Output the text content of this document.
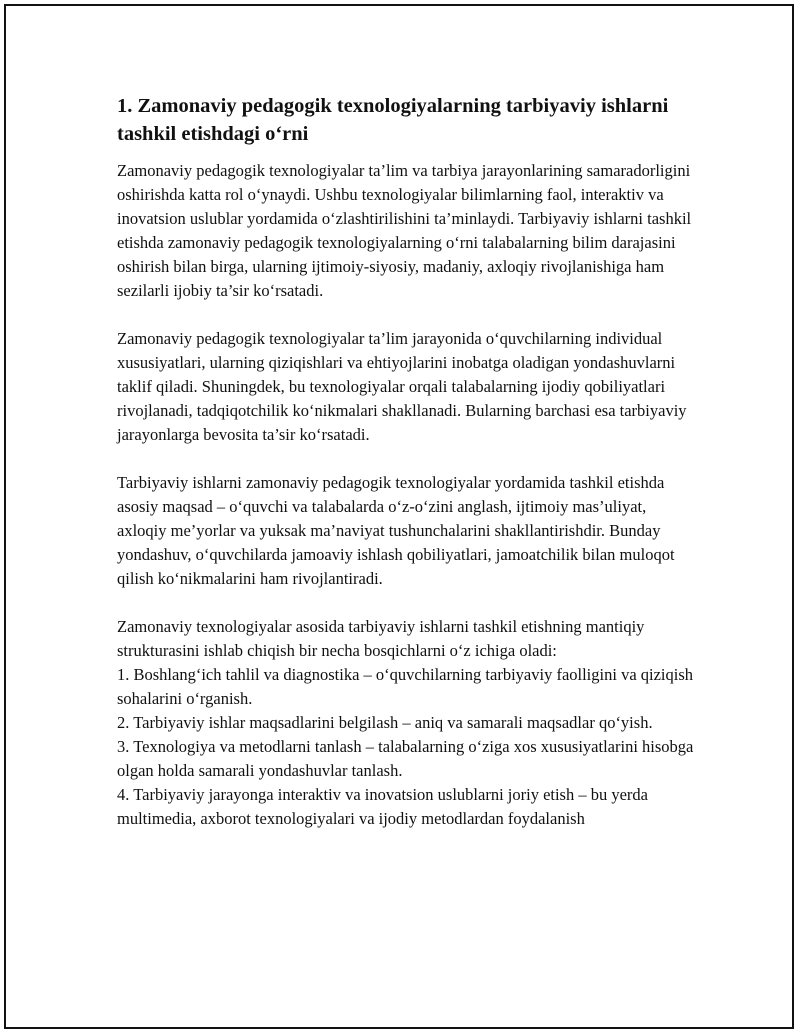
1. Zamonaviy pedagogik texnologiyalarning tarbiyaviy ishlarni tashkil etishdagi oʻrni

Zamonaviy pedagogik texnologiyalar ta’lim va tarbiya jarayonlarining samaradorligini oshirishda katta rol oʻynaydi. Ushbu texnologiyalar bilimlarning faol, interaktiv va inovatsion uslublar yordamida oʻzlashtirilishini ta’minlaydi. Tarbiyaviy ishlarni tashkil etishda zamonaviy pedagogik texnologiyalarning oʻrni talabalarning bilim darajasini oshirish bilan birga, ularning ijtimoiy-siyosiy, madaniy, axloqiy rivojlanishiga ham sezilarli ijobiy ta’sir koʻrsatadi.

Zamonaviy pedagogik texnologiyalar ta’lim jarayonida oʻquvchilarning individual xususiyatlari, ularning qiziqishlari va ehtiyojlarini inobatga oladigan yondashuvlarni taklif qiladi. Shuningdek, bu texnologiyalar orqali talabalarning ijodiy qobiliyatlari rivojlanadi, tadqiqotchilik koʻnikmalari shakllanadi. Bularning barchasi esa tarbiyaviy jarayonlarga bevosita ta’sir koʻrsatadi.

Tarbiyaviy ishlarni zamonaviy pedagogik texnologiyalar yordamida tashkil etishda asosiy maqsad – oʻquvchi va talabalarda oʻz-oʻzini anglash, ijtimoiy mas’uliyat, axloqiy me’yorlar va yuksak ma’naviyat tushunchalarini shakllantirishdir. Bunday yondashuv, oʻquvchilarda jamoaviy ishlash qobiliyatlari, jamoatchilik bilan muloqot qilish koʻnikmalarini ham rivojlantiradi.

Zamonaviy texnologiyalar asosida tarbiyaviy ishlarni tashkil etishning mantiqiy strukturasini ishlab chiqish bir necha bosqichlarni oʻz ichiga oladi:

1. Boshlangʻich tahlil va diagnostika – oʻquvchilarning tarbiyaviy faolligini va qiziqish sohalarini oʻrganish.
2. Tarbiyaviy ishlar maqsadlarini belgilash – aniq va samarali maqsadlar qoʻyish.
3. Texnologiya va metodlarni tanlash – talabalarning oʻziga xos xususiyatlarini hisobga olgan holda samarali yondashuvlar tanlash.
4. Tarbiyaviy jarayonga interaktiv va inovatsion uslublarni joriy etish – bu yerda multimedia, axborot texnologiyalari va ijodiy metodlardan foydalanish
